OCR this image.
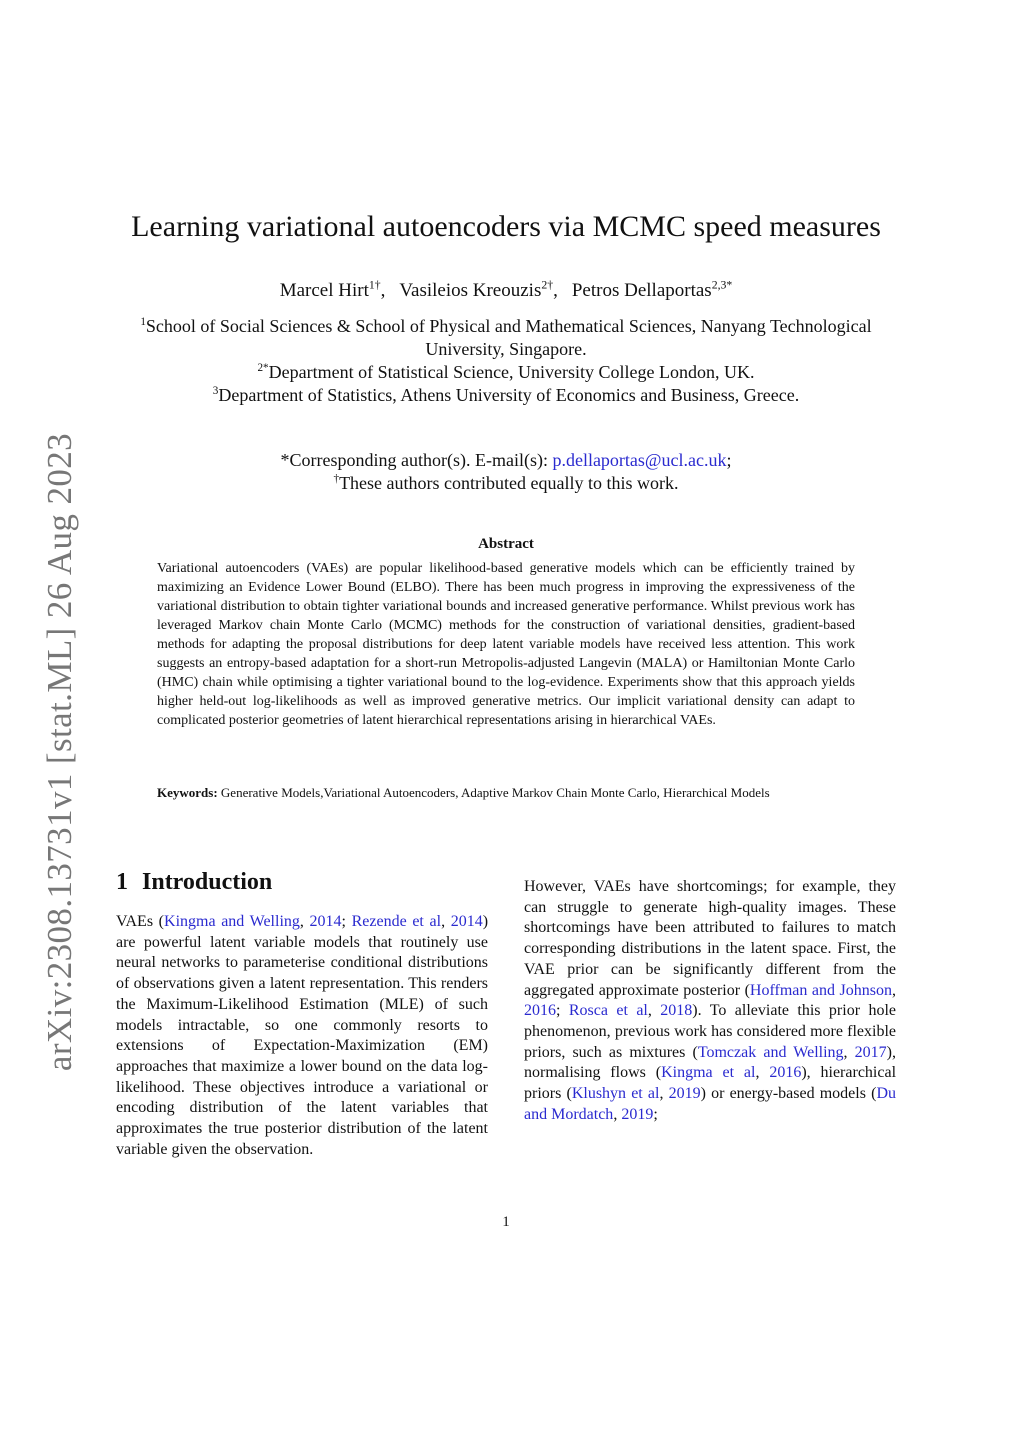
arXiv:2308.13731v1 [stat.ML] 26 Aug 2023
Learning variational autoencoders via MCMC speed measures
Marcel Hirt$^{1\dagger}$, Vasileios Kreouzis$^{2\dagger}$, Petros Dellaportas$^{2,3*}$
$^1$School of Social Sciences & School of Physical and Mathematical Sciences, Nanyang Technological University, Singapore.
$^{2*}$Department of Statistical Science, University College London, UK.
$^3$Department of Statistics, Athens University of Economics and Business, Greece.
*Corresponding author(s). E-mail(s): p.dellaportas@ucl.ac.uk;
†These authors contributed equally to this work.
Abstract

Variational autoencoders (VAEs) are popular likelihood-based generative models which can be efficiently trained by maximizing an Evidence Lower Bound (ELBO). There has been much progress in improving the expressiveness of the variational distribution to obtain tighter variational bounds and increased generative performance. Whilst previous work has leveraged Markov chain Monte Carlo (MCMC) methods for the construction of variational densities, gradient-based methods for adapting the proposal distributions for deep latent variable models have received less attention. This work suggests an entropy-based adaptation for a short-run Metropolis-adjusted Langevin (MALA) or Hamiltonian Monte Carlo (HMC) chain while optimising a tighter variational bound to the log-evidence. Experiments show that this approach yields higher held-out log-likelihoods as well as improved generative metrics. Our implicit variational density can adapt to complicated posterior geometries of latent hierarchical representations arising in hierarchical VAEs.

Keywords: Generative Models,Variational Autoencoders, Adaptive Markov Chain Monte Carlo, Hierarchical Models

1 Introduction

VAEs (Kingma and Welling, 2014; Rezende et al, 2014) are powerful latent variable models that routinely use neural networks to parameterise conditional distributions of observations given a latent representation. This renders the Maximum-Likelihood Estimation (MLE) of such models intractable, so one commonly resorts to extensions of Expectation-Maximization (EM) approaches that maximize a lower bound on the data log-likelihood. These objectives introduce a variational or encoding distribution of the latent variables that approximates the true posterior distribution of the latent variable given the observation.

However, VAEs have shortcomings; for example, they can struggle to generate high-quality images. These shortcomings have been attributed to failures to match corresponding distributions in the latent space. First, the VAE prior can be significantly different from the aggregated approximate posterior (Hoffman and Johnson, 2016; Rosca et al, 2018). To alleviate this prior hole phenomenon, previous work has considered more flexible priors, such as mixtures (Tomczak and Welling, 2017), normalising flows (Kingma et al, 2016), hierarchical priors (Klushyn et al, 2019) or energy-based models (Du and Mordatch, 2019;

1
